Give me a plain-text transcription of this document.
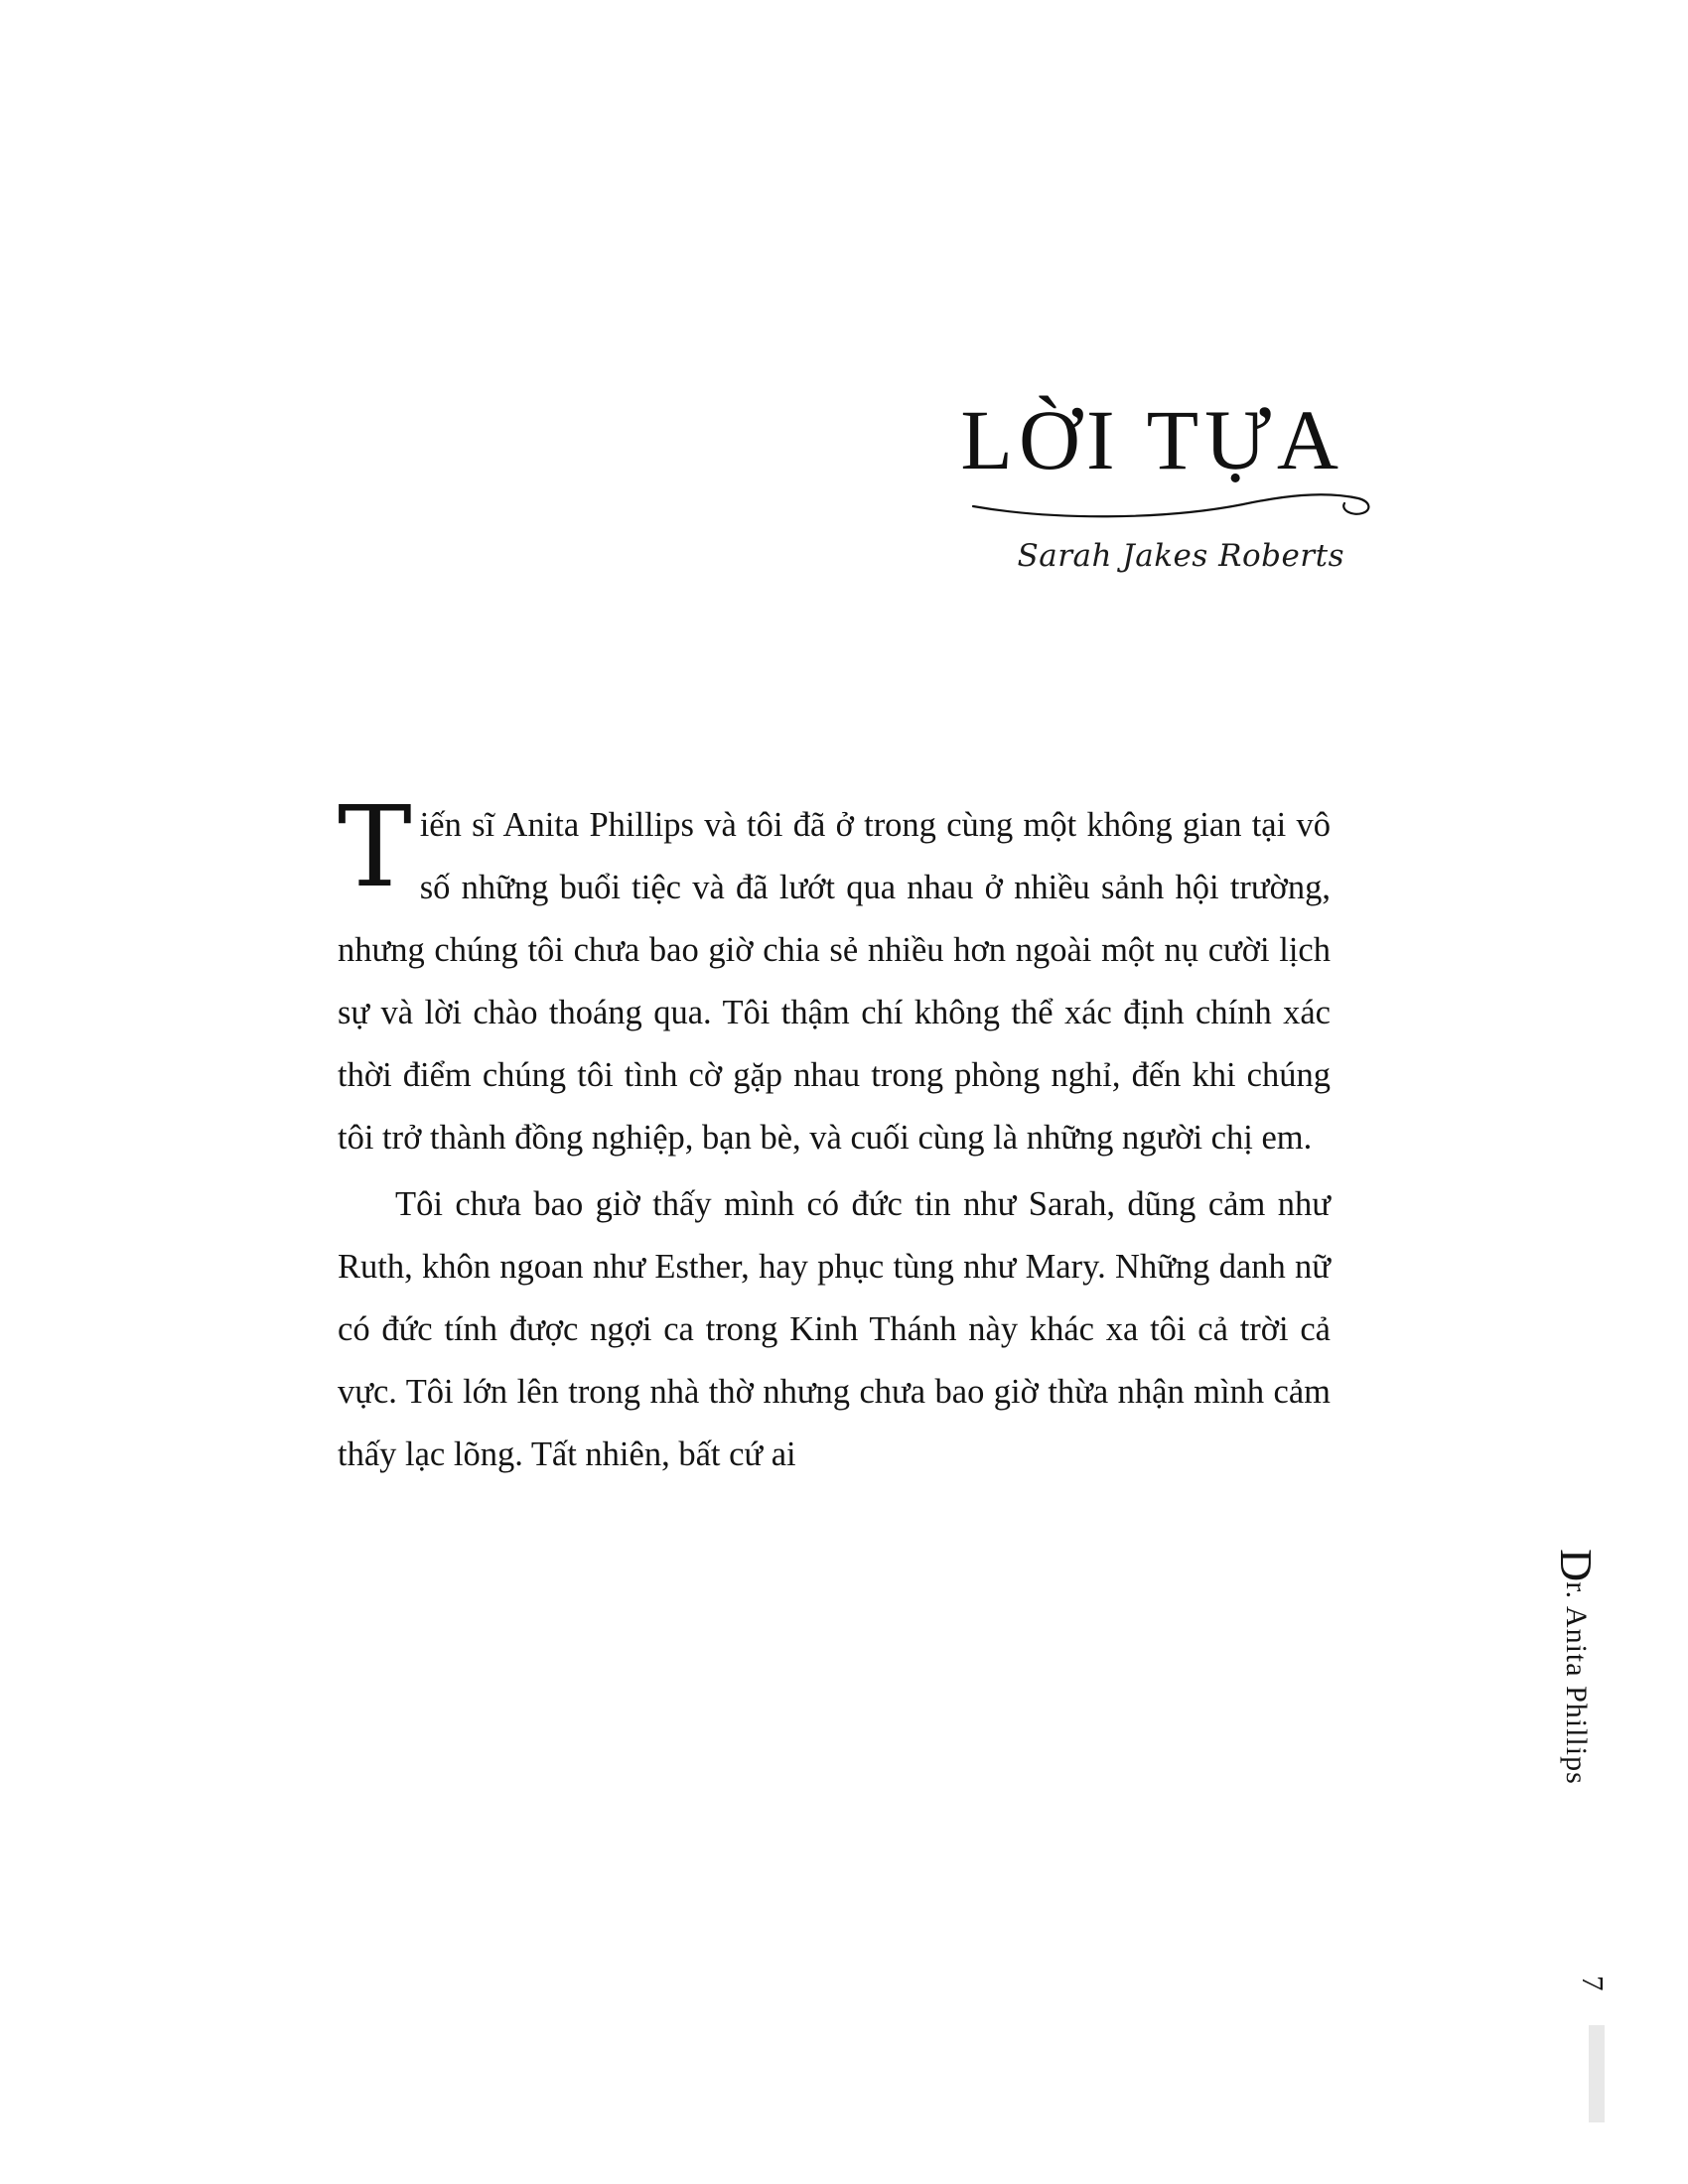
LỜI TỰA
Sarah Jakes Roberts

Tiến sĩ Anita Phillips và tôi đã ở trong cùng một không gian tại vô số những buổi tiệc và đã lướt qua nhau ở nhiều sảnh hội trường, nhưng chúng tôi chưa bao giờ chia sẻ nhiều hơn ngoài một nụ cười lịch sự và lời chào thoáng qua. Tôi thậm chí không thể xác định chính xác thời điểm chúng tôi tình cờ gặp nhau trong phòng nghỉ, đến khi chúng tôi trở thành đồng nghiệp, bạn bè, và cuối cùng là những người chị em.

Tôi chưa bao giờ thấy mình có đức tin như Sarah, dũng cảm như Ruth, khôn ngoan như Esther, hay phục tùng như Mary. Những danh nữ có đức tính được ngợi ca trong Kinh Thánh này khác xa tôi cả trời cả vực. Tôi lớn lên trong nhà thờ nhưng chưa bao giờ thừa nhận mình cảm thấy lạc lõng. Tất nhiên, bất cứ ai

Dr. Anita Phillips
7
